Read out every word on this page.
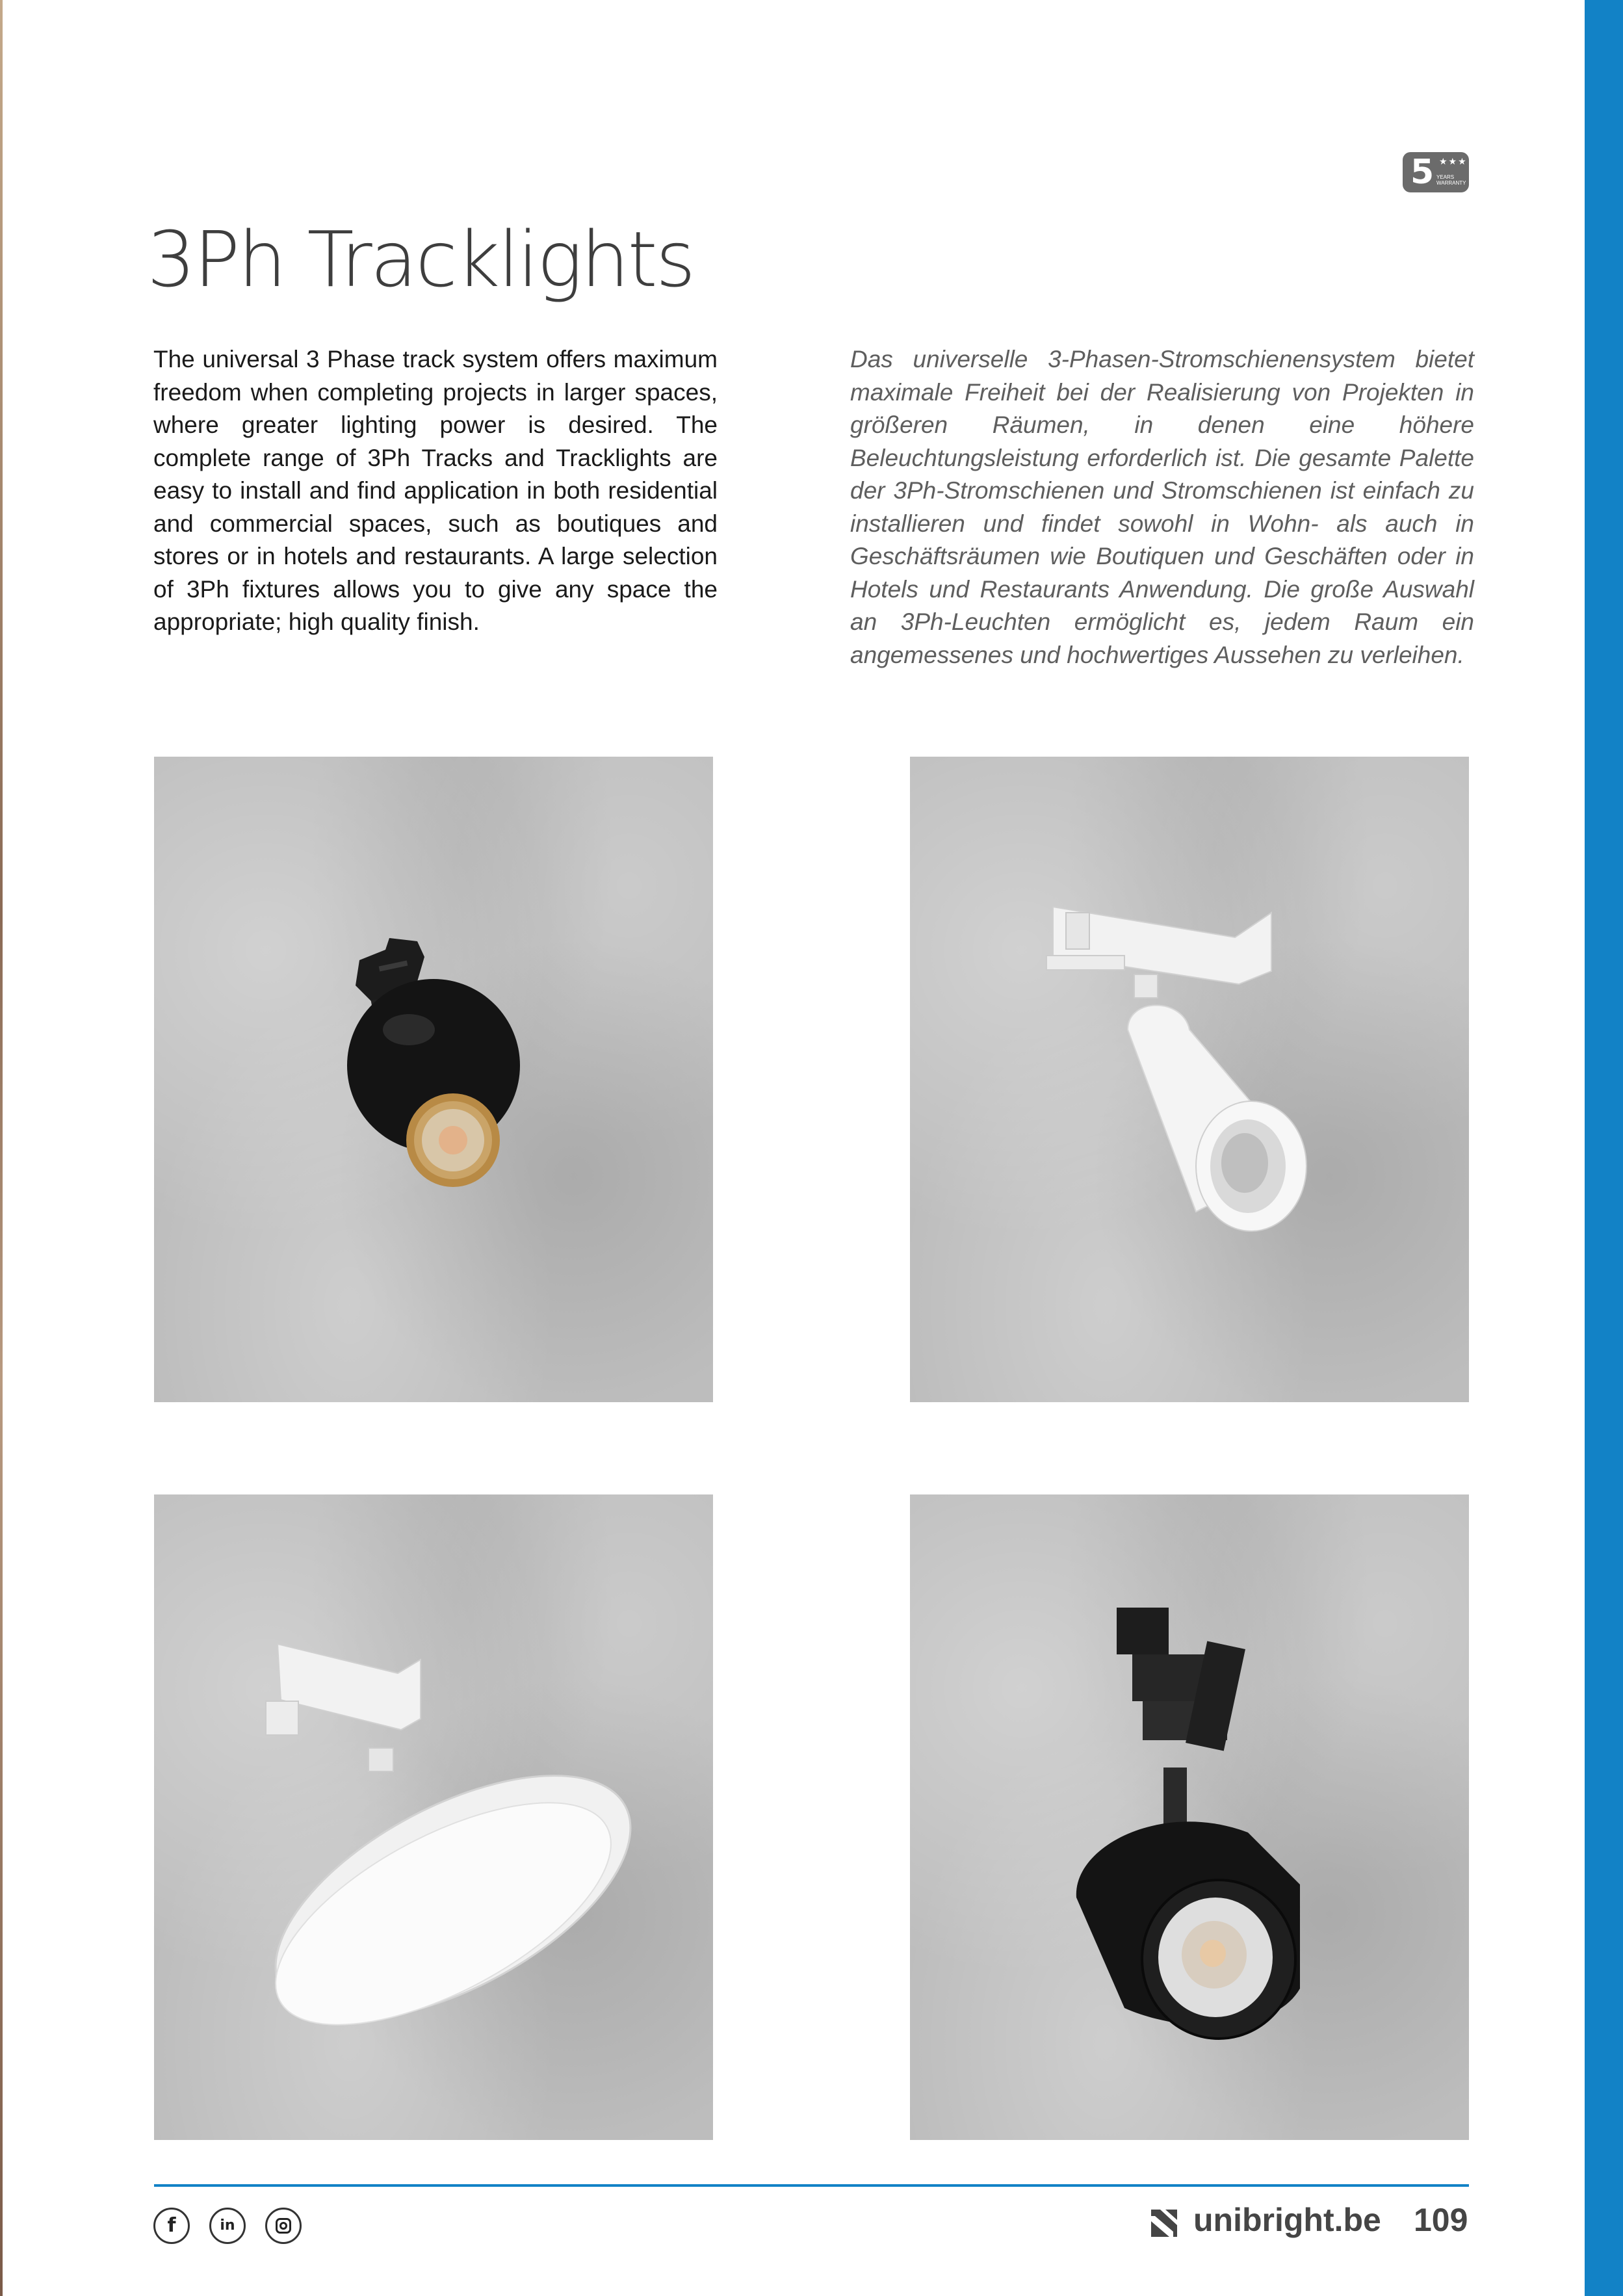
3Ph Tracklights
5 ★★★
YEARS WARRANTY

The universal 3 Phase track system offers maximum freedom when completing projects in larger spaces, where greater lighting power is desired. The complete range of 3Ph Tracks and Tracklights are easy to install and find application in both residential and commercial spaces, such as boutiques and stores or in hotels and restaurants. A large selection of 3Ph fixtures allows you to give any space the appropriate; high quality finish.

Das universelle 3-Phasen-Stromschienensystem bietet maximale Freiheit bei der Realisierung von Projekten in größeren Räumen, in denen eine höhere Beleuchtungsleistung erforderlich ist. Die gesamte Palette der 3Ph-Stromschienen und Stromschienen ist einfach zu installieren und findet sowohl in Wohn- als auch in Geschäftsräumen wie Boutiquen und Geschäften oder in Hotels und Restaurants Anwendung. Die große Auswahl an 3Ph-Leuchten ermöglicht es, jedem Raum ein angemessenes und hochwertiges Aussehen zu verleihen.

f	in	unibright.be 109
